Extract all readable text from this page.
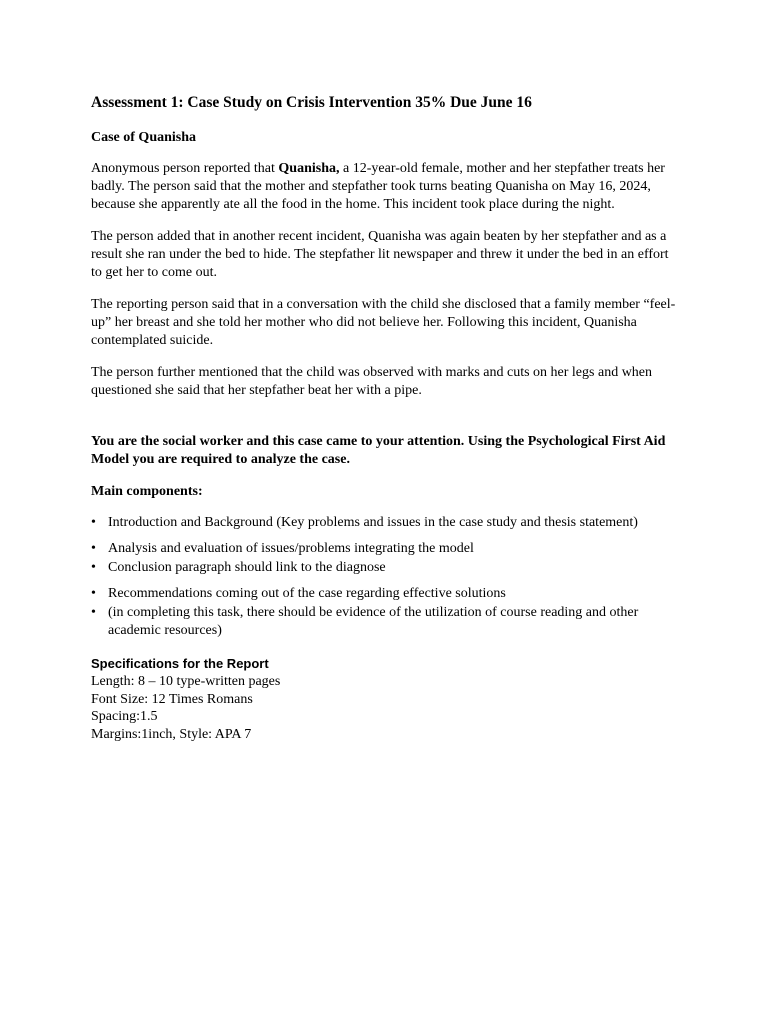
Assessment 1: Case Study on Crisis Intervention 35% Due June 16
Case of Quanisha

Anonymous person reported that Quanisha, a 12-year-old female, mother and her stepfather treats her badly. The person said that the mother and stepfather took turns beating Quanisha on May 16, 2024, because she apparently ate all the food in the home. This incident took place during the night.

The person added that in another recent incident, Quanisha was again beaten by her stepfather and as a result she ran under the bed to hide. The stepfather lit newspaper and threw it under the bed in an effort to get her to come out.

The reporting person said that in a conversation with the child she disclosed that a family member “feel-up” her breast and she told her mother who did not believe her. Following this incident, Quanisha contemplated suicide.

The person further mentioned that the child was observed with marks and cuts on her legs and when questioned she said that her stepfather beat her with a pipe.

You are the social worker and this case came to your attention. Using the Psychological First Aid Model you are required to analyze the case.

Main components:
• Introduction and Background (Key problems and issues in the case study and thesis statement)
• Analysis and evaluation of issues/problems integrating the model
• Conclusion paragraph should link to the diagnose
• Recommendations coming out of the case regarding effective solutions
• (in completing this task, there should be evidence of the utilization of course reading and other academic resources)
Specifications for the Report

Length: 8 – 10 type-written pages

Font Size: 12 Times Romans

Spacing:1.5

Margins:1inch, Style: APA 7
